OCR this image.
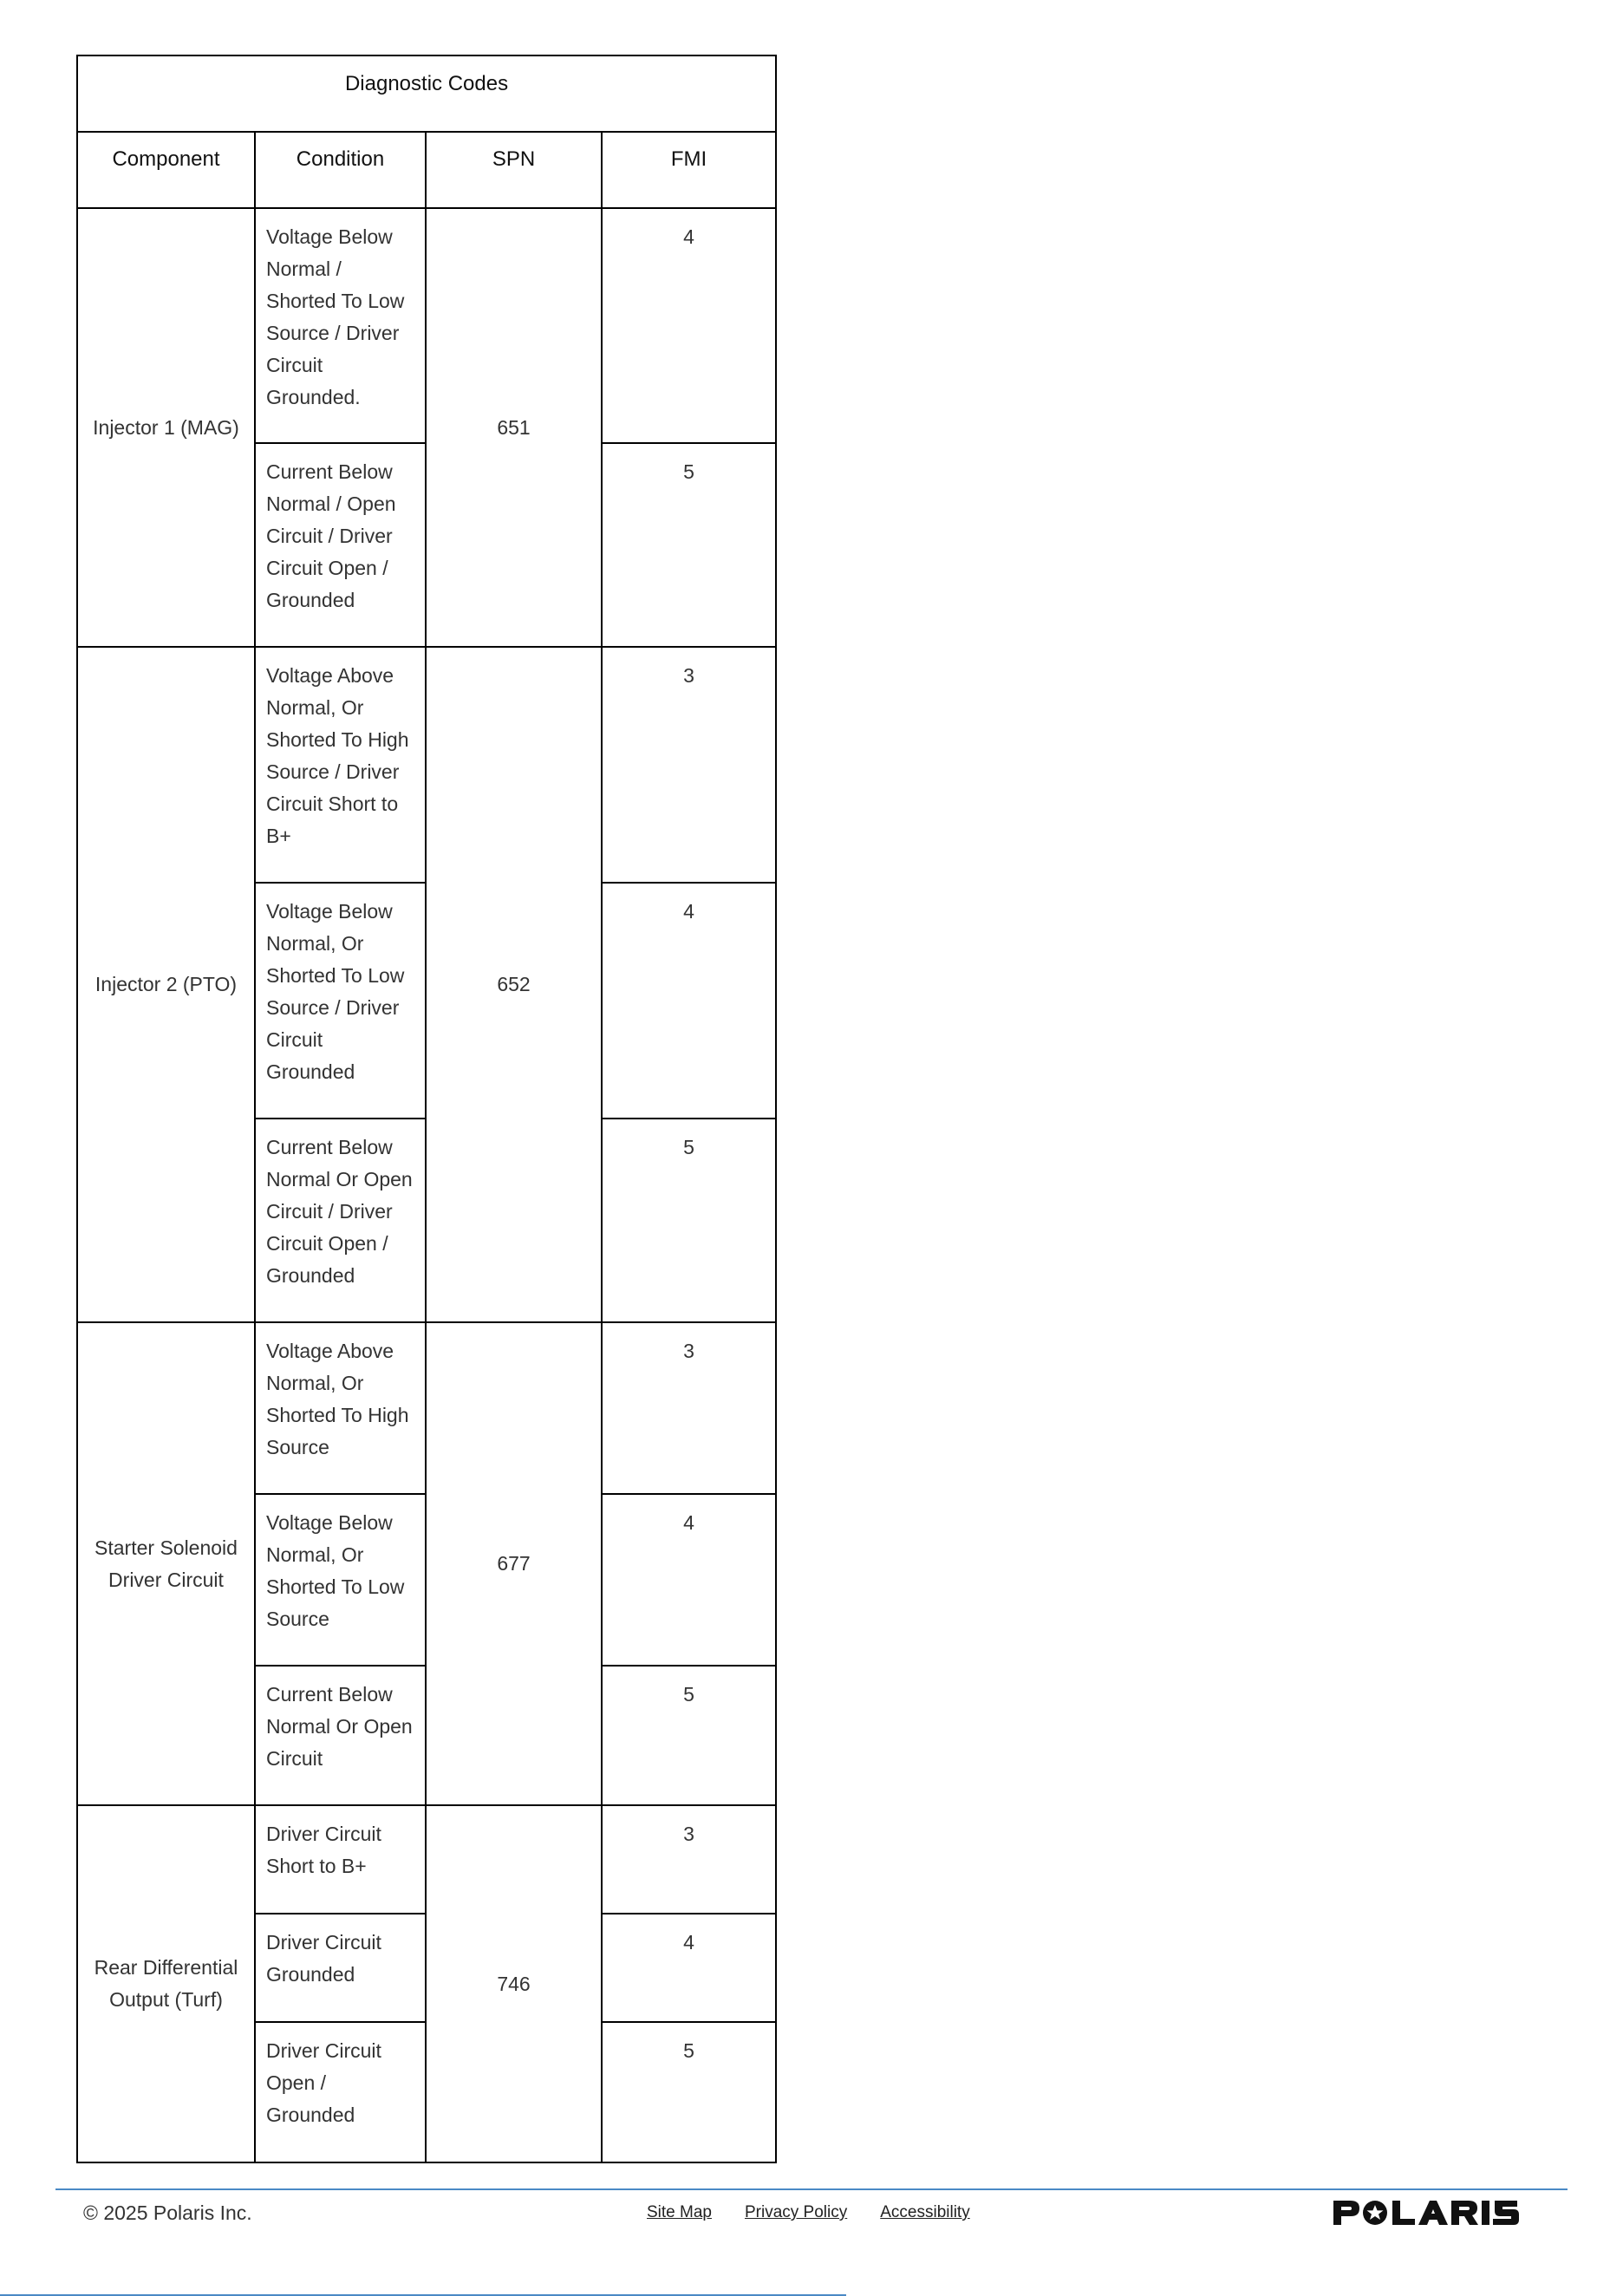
Diagnostic Codes			
Component	Condition	SPN	FMI
Injector 1 (MAG)	Voltage Below Normal / Shorted To Low Source / Driver Circuit Grounded.	651	4
	Current Below Normal / Open Circuit / Driver Circuit Open / Grounded		5
Injector 2 (PTO)	Voltage Above Normal, Or Shorted To High Source / Driver Circuit Short to B+	652	3
	Voltage Below Normal, Or Shorted To Low Source / Driver Circuit Grounded		4
	Current Below Normal Or Open Circuit / Driver Circuit Open / Grounded		5
Starter Solenoid Driver Circuit	Voltage Above Normal, Or Shorted To High Source	677	3
	Voltage Below Normal, Or Shorted To Low Source		4
	Current Below Normal Or Open Circuit		5
Rear Differential Output (Turf)	Driver Circuit Short to B+	746	3
	Driver Circuit Grounded		4
	Driver Circuit Open / Grounded		5
© 2025 Polaris Inc.	Site Map Privacy Policy Accessibility
